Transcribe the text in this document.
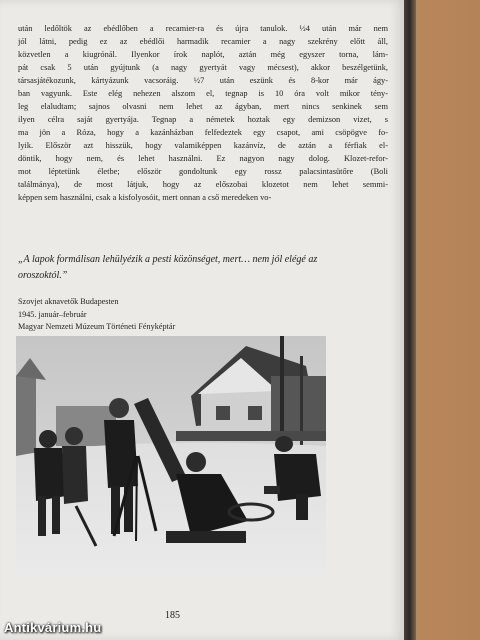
után ledőltök az ebédlőben a recamier-ra és újra tanulok. ½4 után már nem
jól látni, pedig ez az ebédlői harmadik recamier a nagy szekrény előtt áll,
közvetlen a kiugrónál. Ilyenkor írok naplót, aztán még egyszer torna, lám-
pát csak 5 után gyújtunk (a nagy gyertyát vagy mécsest), akkor beszélgetünk,
társasjátékozunk, kártyázunk vacsoráig. ½7 után eszünk és 8-kor már ágy-
ban vagyunk. Este elég nehezen alszom el, tegnap is 10 óra volt mikor tény-
leg elaludtam; sajnos olvasni nem lehet az ágyban, mert nincs senkinek sem
ilyen célra saját gyertyája. Tegnap a németek hoztak egy demizson vizet, s
ma jön a Róza, hogy a kazánházban felfedeztek egy csapot, ami csöpögve fo-
lyik. Először azt hisszük, hogy valamiképpen kazánvíz, de aztán a férfiak el-
döntik, hogy nem, és lehet használni. Ez nagyon nagy dolog. Klozet-refor-
mot léptetünk életbe; először gondoltunk egy rossz palacsintasütőre (Boli
találmánya), de most látjuk, hogy az előszobai klozetot nem lehet semmi-
képpen sem használni, csak a kisfolyosóit, mert onnan a cső meredeken vo-

„A lapok formálisan lehülyézik a pesti közönséget, mert… nem jól elégé az oroszoktól.”

Szovjet aknavetők Budapesten
1945. január–február
Magyar Nemzeti Múzeum Történeti Fényképtár

185
Antikvárium.hu
